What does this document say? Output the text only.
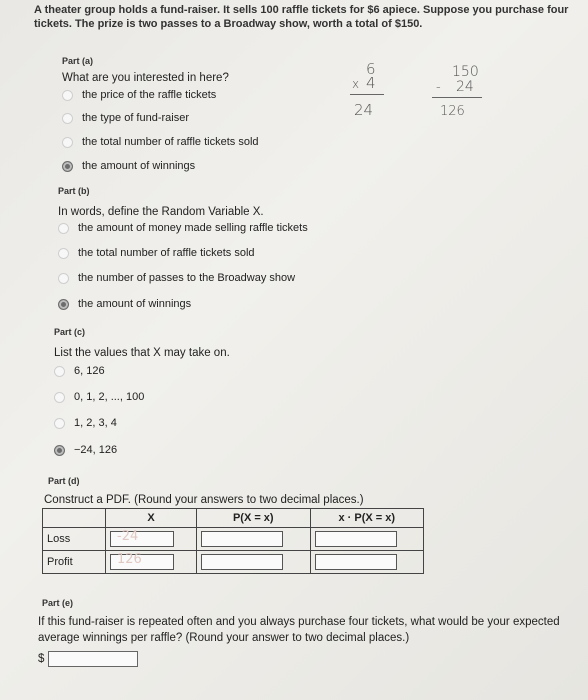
A theater group holds a fund-raiser. It sells 100 raffle tickets for $6 apiece. Suppose you purchase four tickets. The prize is two passes to a Broadway show, worth a total of $150.
Part (a)
What are you interested in here?
the price of the raffle tickets
the type of fund-raiser
the total number of raffle tickets sold
the amount of winnings
6
x 4
24
150
- 24
126
Part (b)
In words, define the Random Variable X.
the amount of money made selling raffle tickets
the total number of raffle tickets sold
the number of passes to the Broadway show
the amount of winnings
Part (c)
List the values that X may take on.
6, 126
0, 1, 2, ..., 100
1, 2, 3, 4
−24, 126
Part (d)
Construct a PDF. (Round your answers to two decimal places.)
	X	P(X = x)	x · P(X = x)
Loss	-24		

Profit	126		

Part (e)
If this fund-raiser is repeated often and you always purchase four tickets, what would be your expected average winnings per raffle? (Round your answer to two decimal places.)
$
